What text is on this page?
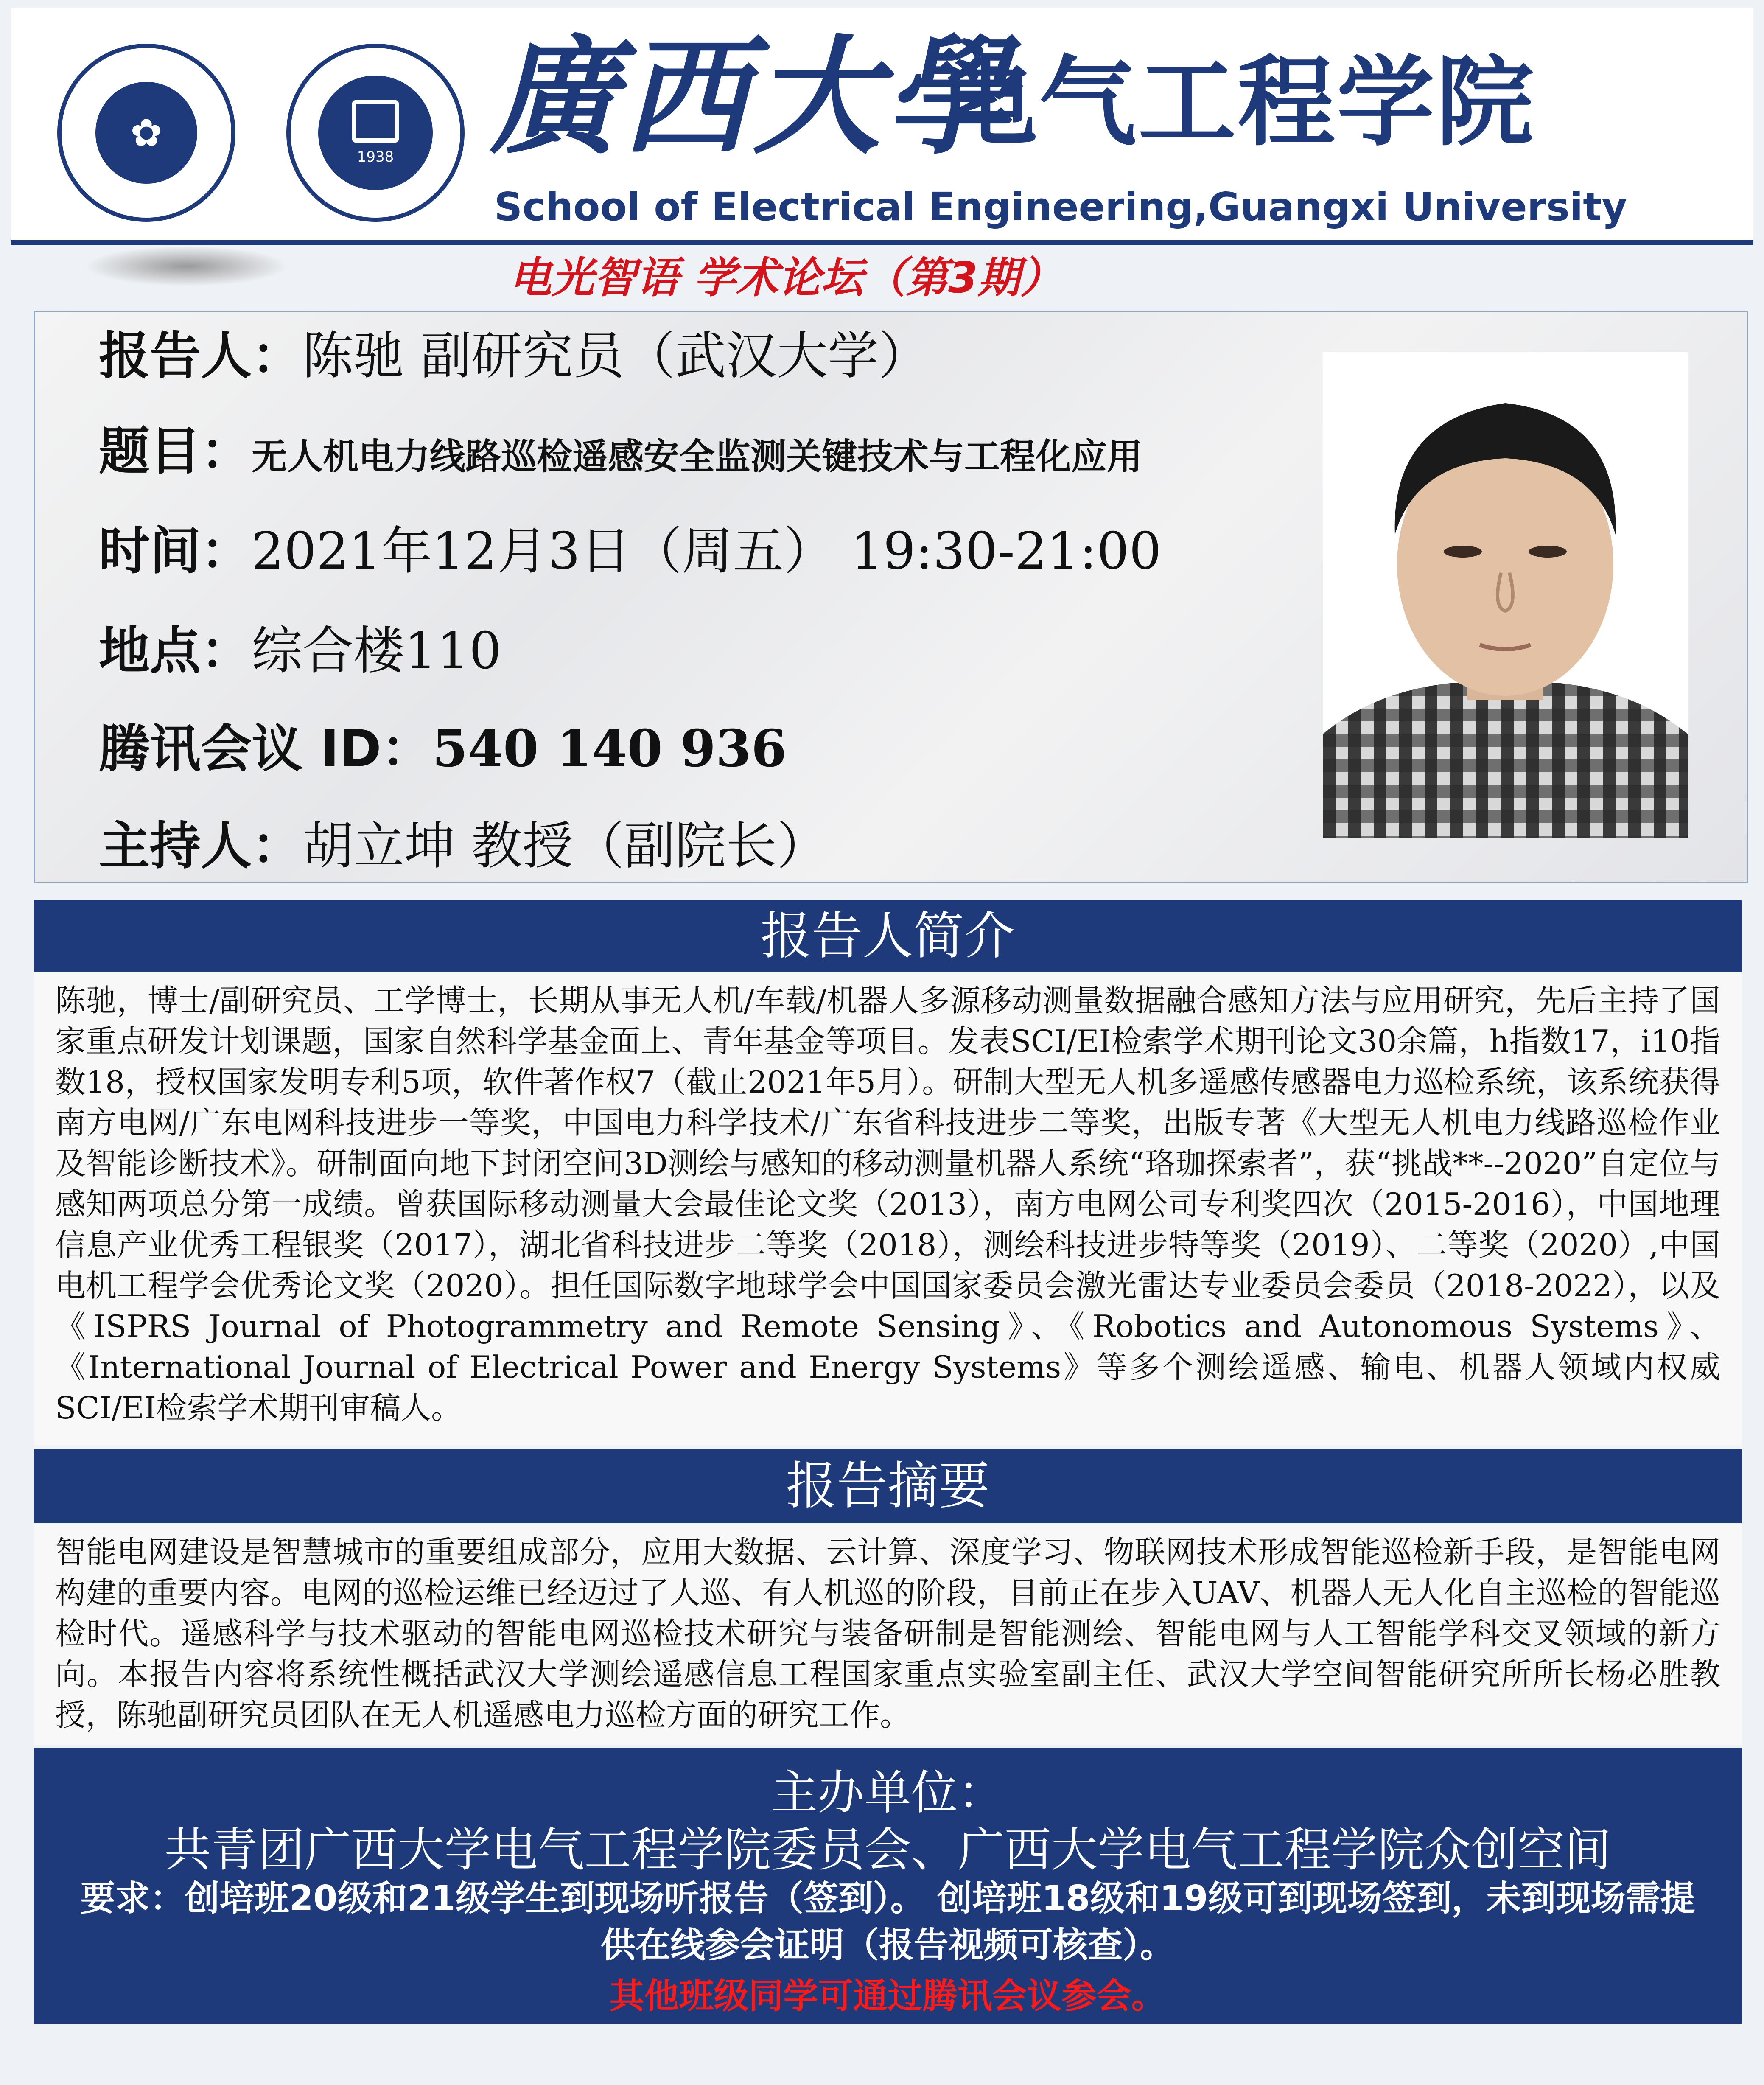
✿
1938 廣西大學
电气工程学院
School of Electrical Engineering,Guangxi University
电光智语 学术论坛（第3期）
报告人：陈驰 副研究员（武汉大学）
题目：无人机电力线路巡检遥感安全监测关键技术与工程化应用
时间：2021年12月3日（周五） 19:30-21:00
地点：综合楼110
腾讯会议 ID：540 140 936
主持人：胡立坤 教授（副院长）
报告人简介
陈驰，博士/副研究员、工学博士，长期从事无人机/车载/机器人多源移动测量数据融合感知方法与应用研究，先后主持了国家重点研发计划课题，国家自然科学基金面上、青年基金等项目。发表SCI/EI检索学术期刊论文30余篇，h指数17，i10指数18，授权国家发明专利5项，软件著作权7（截止2021年5月）。研制大型无人机多遥感传感器电力巡检系统，该系统获得南方电网/广东电网科技进步一等奖，中国电力科学技术/广东省科技进步二等奖，出版专著《大型无人机电力线路巡检作业及智能诊断技术》。研制面向地下封闭空间3D测绘与感知的移动测量机器人系统“珞珈探索者”，获“挑战**--2020”自定位与感知两项总分第一成绩。曾获国际移动测量大会最佳论文奖（2013），南方电网公司专利奖四次（2015-2016），中国地理信息产业优秀工程银奖（2017），湖北省科技进步二等奖（2018），测绘科技进步特等奖（2019）、二等奖（2020）,中国电机工程学会优秀论文奖（2020）。担任国际数字地球学会中国国家委员会激光雷达专业委员会委员（2018-2022），以及《ISPRS Journal of Photogrammetry and Remote Sensing》、《Robotics and Autonomous Systems》、《International Journal of Electrical Power and Energy Systems》等多个测绘遥感、输电、机器人领域内权威SCI/EI检索学术期刊审稿人。
报告摘要
智能电网建设是智慧城市的重要组成部分，应用大数据、云计算、深度学习、物联网技术形成智能巡检新手段，是智能电网构建的重要内容。电网的巡检运维已经迈过了人巡、有人机巡的阶段，目前正在步入UAV、机器人无人化自主巡检的智能巡检时代。遥感科学与技术驱动的智能电网巡检技术研究与装备研制是智能测绘、智能电网与人工智能学科交叉领域的新方向。本报告内容将系统性概括武汉大学测绘遥感信息工程国家重点实验室副主任、武汉大学空间智能研究所所长杨必胜教授，陈驰副研究员团队在无人机遥感电力巡检方面的研究工作。
主办单位：
共青团广西大学电气工程学院委员会、广西大学电气工程学院众创空间
要求：创培班20级和21级学生到现场听报告（签到）。 创培班18级和19级可到现场签到，未到现场需提供在线参会证明（报告视频可核查）。
其他班级同学可通过腾讯会议参会。
